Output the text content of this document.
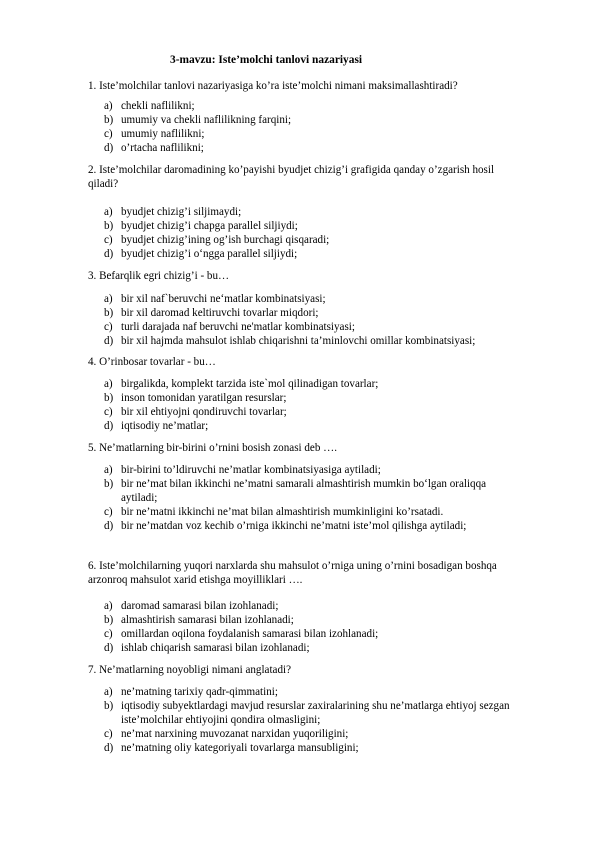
3-mavzu: Iste’molchi tanlovi nazariyasi
1. Iste’molchilar tanlovi nazariyasiga ko’ra iste’molchi nimani maksimallashtiradi?
a) chekli naflilikni;
b) umumiy va chekli naflilikning farqini;
c) umumiy naflilikni;
d) o’rtacha naflilikni;
2. Iste’molchilar daromadining ko’payishi byudjet chizig’i grafigida qanday o’zgarish hosil qiladi?
a) byudjet chizig’i siljimaydi;
b) byudjet chizig’i chapga parallel siljiydi;
c) byudjet chizig’ining og’ish burchagi qisqaradi;
d) byudjet chizig’i o‘ngga parallel siljiydi;
3. Befarqlik egri chizig’i - bu…
a) bir xil naf`beruvchi ne‘matlar kombinatsiyasi;
b) bir xil daromad keltiruvchi tovarlar miqdori;
c) turli darajada naf beruvchi ne'matlar kombinatsiyasi;
d) bir xil hajmda mahsulot ishlab chiqarishni ta’minlovchi omillar kombinatsiyasi;
4. O’rinbosar tovarlar - bu…
a) birgalikda, komplekt tarzida iste`mol qilinadigan tovarlar;
b) inson tomonidan yaratilgan resurslar;
c) bir xil ehtiyojni qondiruvchi tovarlar;
d) iqtisodiy ne’matlar;
5. Ne’matlarning bir-birini o’rnini bosish zonasi deb ….
a) bir-birini to’ldiruvchi ne’matlar kombinatsiyasiga aytiladi;
b) bir ne’mat bilan ikkinchi ne’matni samarali almashtirish mumkin bo‘lgan oraliqqa aytiladi;
c) bir ne’matni ikkinchi ne’mat bilan almashtirish mumkinligini ko’rsatadi.
d) bir ne’matdan voz kechib o’rniga ikkinchi ne’matni iste’mol qilishga aytiladi;
6. Iste’molchilarning yuqori narxlarda shu mahsulot o’rniga uning o’rnini bosadigan boshqa arzonroq mahsulot xarid etishga moyilliklari ….
a) daromad samarasi bilan izohlanadi;
b) almashtirish samarasi bilan izohlanadi;
c) omillardan oqilona foydalanish samarasi bilan izohlanadi;
d) ishlab chiqarish samarasi bilan izohlanadi;
7. Ne’matlarning noyobligi nimani anglatadi?
a) ne’matning tarixiy qadr-qimmatini;
b) iqtisodiy subyektlardagi mavjud resurslar zaxiralarining shu ne’matlarga ehtiyoj sezgan iste’molchilar ehtiyojini qondira olmasligini;
c) ne’mat narxining muvozanat narxidan yuqoriligini;
d) ne’matning oliy kategoriyali tovarlarga mansubligini;
